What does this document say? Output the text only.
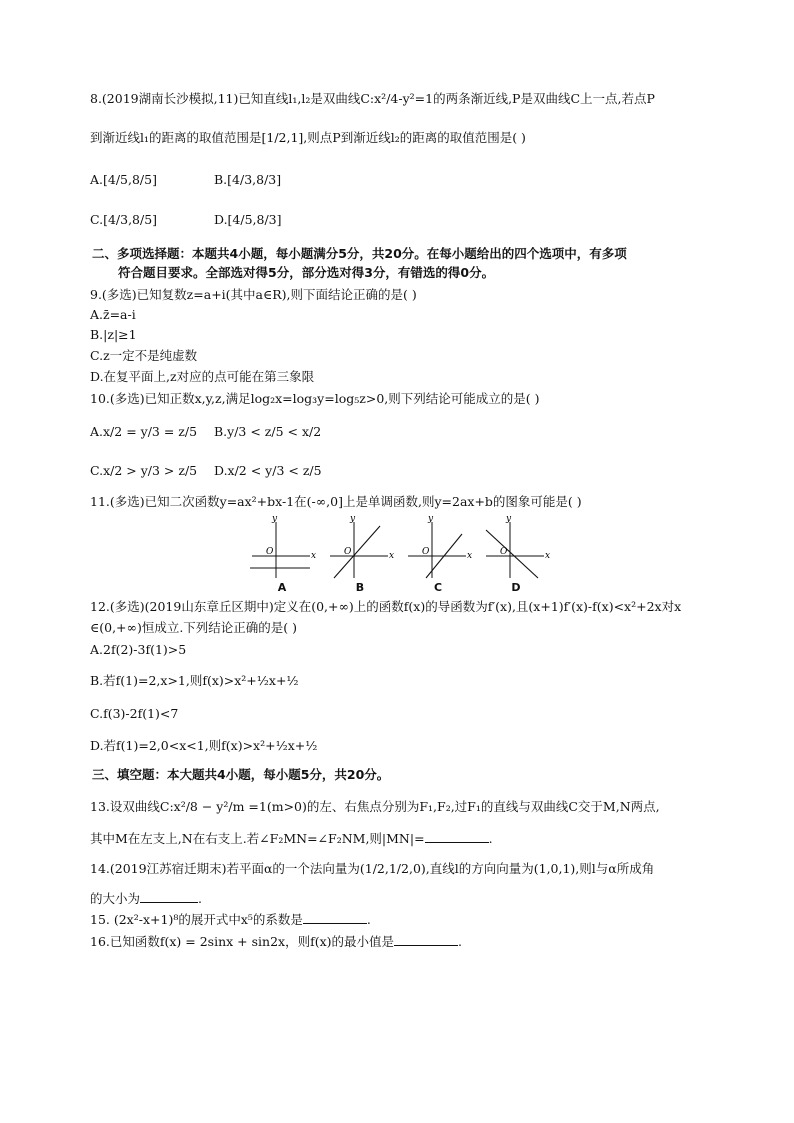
8.(2019湖南长沙模拟,11)已知直线l₁,l₂是双曲线C:x²/4-y²=1的两条渐近线,P是双曲线C上一点,若点P
到渐近线l₁的距离的取值范围是[1/2,1],则点P到渐近线l₂的距离的取值范围是( )
A.[4/5,8/5]	B.[4/3,8/3]
C.[4/3,8/5]	D.[4/5,8/3]
二、多项选择题：本题共4小题，每小题满分5分，共20分。在每小题给出的四个选项中，有多项
符合题目要求。全部选对得5分，部分选对得3分，有错选的得0分。
9.(多选)已知复数z=a+i(其中a∈R),则下面结论正确的是( )
A.z̄=a-i
B.|z|≥1
C.z一定不是纯虚数
D.在复平面上,z对应的点可能在第三象限
10.(多选)已知正数x,y,z,满足log₂x=log₃y=log₅z>0,则下列结论可能成立的是( )
A.x/2 = y/3 = z/5 B.y/3 < z/5 < x/2
C.x/2 > y/3 > z/5 D.x/2 < y/3 < z/5
11.(多选)已知二次函数y=ax²+bx-1在(-∞,0]上是单调函数,则y=2ax+b的图象可能是( )
y
x
O
A
y
x
O
B
y
x
O
C
y
x
O
D
12.(多选)(2019山东章丘区期中)定义在(0,+∞)上的函数f(x)的导函数为f′(x),且(x+1)f′(x)-f(x)<x²+2x对x
∈(0,+∞)恒成立.下列结论正确的是( )
A.2f(2)-3f(1)>5
B.若f(1)=2,x>1,则f(x)>x²+½x+½
C.f(3)-2f(1)<7
D.若f(1)=2,0<x<1,则f(x)>x²+½x+½
三、填空题：本大题共4小题，每小题5分，共20分。
13.设双曲线C:x²/8 − y²/m =1(m>0)的左、右焦点分别为F₁,F₂,过F₁的直线与双曲线C交于M,N两点,
其中M在左支上,N在右支上.若∠F₂MN=∠F₂NM,则|MN|=	.
14.(2019江苏宿迁期末)若平面α的一个法向量为(1/2,1/2,0),直线l的方向向量为(1,0,1),则l与α所成角
的大小为	.
15. (2x²-x+1)⁸的展开式中x⁵的系数是	.
16.已知函数f(x) = 2sinx + sin2x，则f(x)的最小值是	.
